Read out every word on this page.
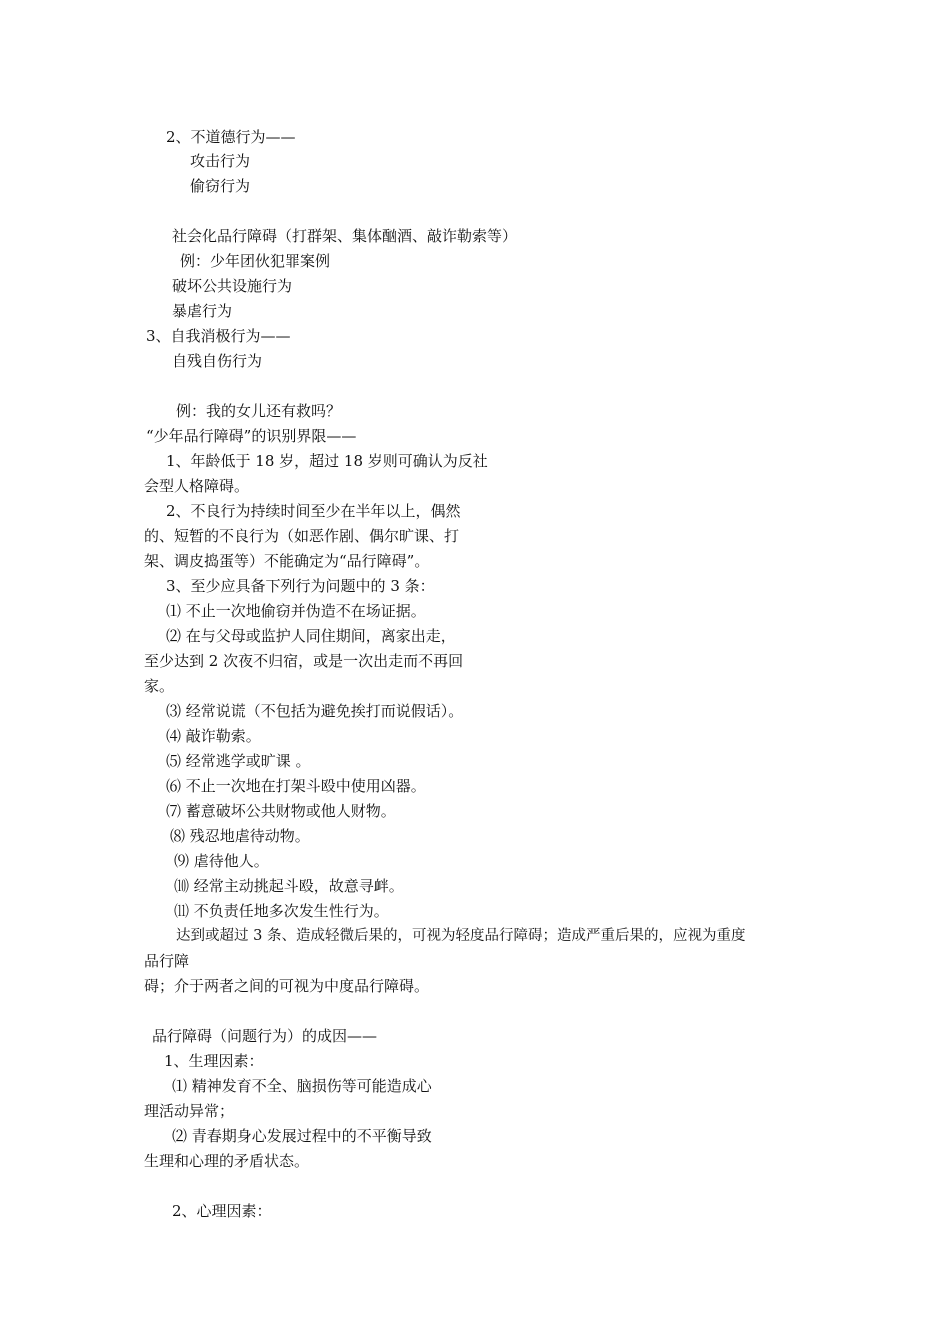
2、不道德行为——
攻击行为
偷窃行为
社会化品行障碍（打群架、集体酗酒、敲诈勒索等）
例：少年团伙犯罪案例
破坏公共设施行为
暴虐行为
3、自我消极行为——
自残自伤行为
例：我的女儿还有救吗？
“少年品行障碍”的识别界限——
1、年龄低于 18 岁，超过 18 岁则可确认为反社
会型人格障碍。
2、不良行为持续时间至少在半年以上，偶然
的、短暂的不良行为（如恶作剧、偶尔旷课、打
架、调皮捣蛋等）不能确定为“品行障碍”。
3、至少应具备下列行为问题中的 3 条：
⑴ 不止一次地偷窃并伪造不在场证据。
⑵ 在与父母或监护人同住期间，离家出走，
至少达到 2 次夜不归宿，或是一次出走而不再回
家。
⑶ 经常说谎（不包括为避免挨打而说假话）。
⑷ 敲诈勒索。
⑸ 经常逃学或旷课 。
⑹ 不止一次地在打架斗殴中使用凶器。
⑺ 蓄意破坏公共财物或他人财物。
⑻ 残忍地虐待动物。
⑼ 虐待他人。
⑽ 经常主动挑起斗殴，故意寻衅。
⑾ 不负责任地多次发生性行为。
达到或超过 3 条、造成轻微后果的，可视为轻度品行障碍；造成严重后果的，应视为重度
品行障
碍；介于两者之间的可视为中度品行障碍。
品行障碍（问题行为）的成因——
1、生理因素：
⑴ 精神发育不全、脑损伤等可能造成心
理活动异常；
⑵ 青春期身心发展过程中的不平衡导致
生理和心理的矛盾状态。
2、心理因素：
